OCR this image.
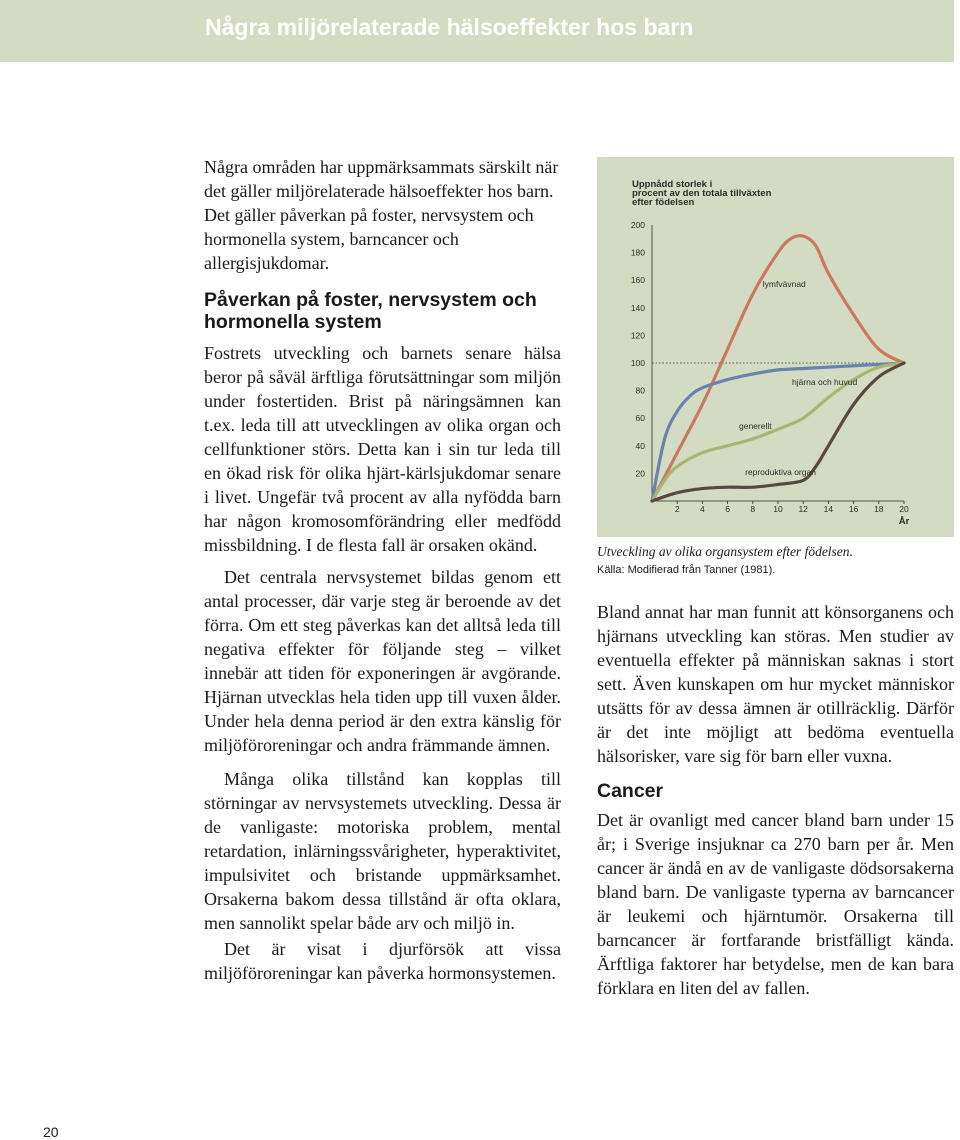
Några miljörelaterade hälsoeffekter hos barn

Några områden har uppmärksammats särskilt när det gäller miljörelaterade hälsoeffekter hos barn. Det gäller påverkan på foster, nervsystem och hormonella system, barncancer och allergisjukdomar.

Påverkan på foster, nervsystem och hormonella system

Fostrets utveckling och barnets senare hälsa beror på såväl ärftliga förutsättningar som miljön under fostertiden. Brist på näringsämnen kan t.ex. leda till att utvecklingen av olika organ och cellfunktioner störs. Detta kan i sin tur leda till en ökad risk för olika hjärt-kärlsjukdomar senare i livet. Ungefär två procent av alla nyfödda barn har någon kromosomförändring eller medfödd missbildning. I de flesta fall är orsaken okänd.

Det centrala nervsystemet bildas genom ett antal processer, där varje steg är beroende av det förra. Om ett steg påverkas kan det alltså leda till negativa effekter för följande steg – vilket innebär att tiden för exponeringen är avgörande. Hjärnan utvecklas hela tiden upp till vuxen ålder. Under hela denna period är den extra känslig för miljöföroreningar och andra främmande ämnen.

Många olika tillstånd kan kopplas till störningar av nervsystemets utveckling. Dessa är de vanligaste: motoriska problem, mental retardation, inlärningssvårigheter, hyperaktivitet, impulsivitet och bristande uppmärksamhet. Orsakerna bakom dessa tillstånd är ofta oklara, men sannolikt spelar både arv och miljö in.

Det är visat i djurförsök att vissa miljöföroreningar kan påverka hormonsystemen.

Uppnådd storlek i
procent av den totala tillväxten
efter födelsen
20
40
60
80
100
120
140
160
180
200
2 4 6 8 10 12 14 16 18 20
År
lymfvävnad
hjärna och huvud
generellt
reproduktiva organ
Utveckling av olika organsystem efter födelsen.
Källa: Modifierad från Tanner (1981).

Bland annat har man funnit att könsorganens och hjärnans utveckling kan störas. Men studier av eventuella effekter på människan saknas i stort sett. Även kunskapen om hur mycket människor utsätts för av dessa ämnen är otillräcklig. Därför är det inte möjligt att bedöma eventuella hälsorisker, vare sig för barn eller vuxna.

Cancer

Det är ovanligt med cancer bland barn under 15 år; i Sverige insjuknar ca 270 barn per år. Men cancer är ändå en av de vanligaste dödsorsakerna bland barn. De vanligaste typerna av barncancer är leukemi och hjärntumör. Orsakerna till barncancer är fortfarande bristfälligt kända. Ärftliga faktorer har betydelse, men de kan bara förklara en liten del av fallen.

20
